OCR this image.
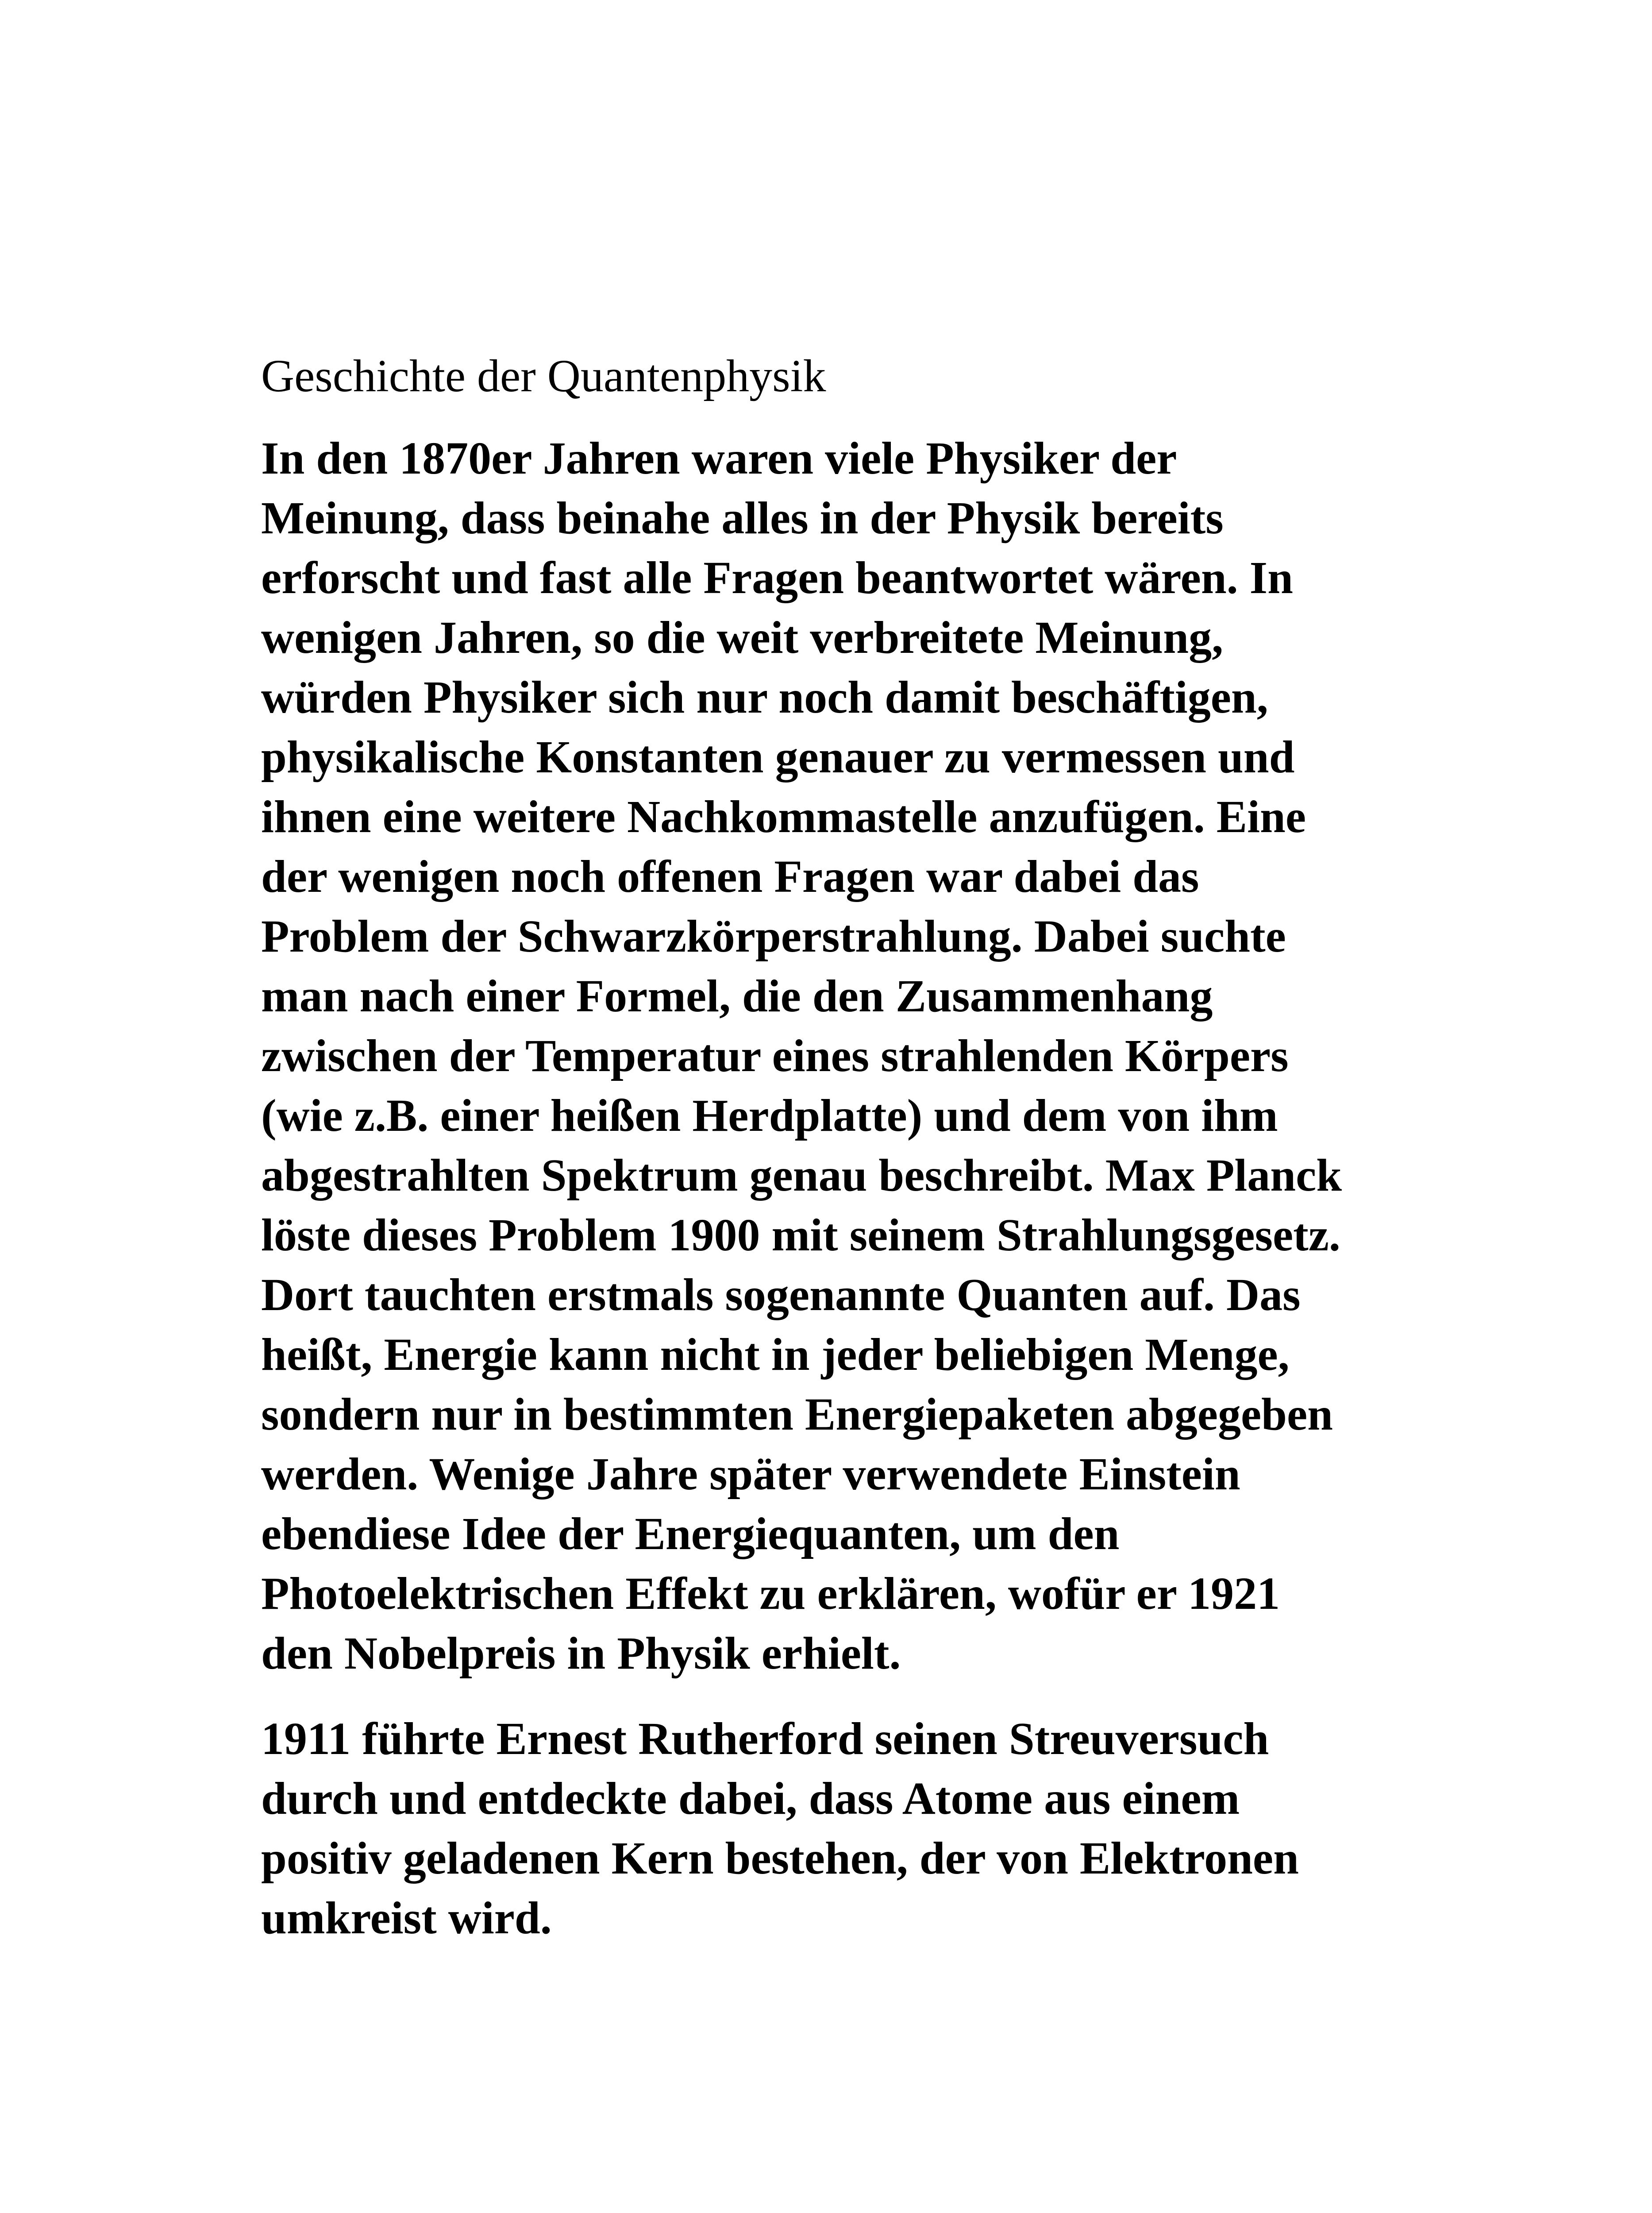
Geschichte der Quantenphysik

In den 1870er Jahren waren viele Physiker der
Meinung, dass beinahe alles in der Physik bereits
erforscht und fast alle Fragen beantwortet wären. In
wenigen Jahren, so die weit verbreitete Meinung,
würden Physiker sich nur noch damit beschäftigen,
physikalische Konstanten genauer zu vermessen und
ihnen eine weitere Nachkommastelle anzufügen. Eine
der wenigen noch offenen Fragen war dabei das
Problem der Schwarzkörperstrahlung. Dabei suchte
man nach einer Formel, die den Zusammenhang
zwischen der Temperatur eines strahlenden Körpers
(wie z.B. einer heißen Herdplatte) und dem von ihm
abgestrahlten Spektrum genau beschreibt. Max Planck
löste dieses Problem 1900 mit seinem Strahlungsgesetz.
Dort tauchten erstmals sogenannte Quanten auf. Das
heißt, Energie kann nicht in jeder beliebigen Menge,
sondern nur in bestimmten Energiepaketen abgegeben
werden. Wenige Jahre später verwendete Einstein
ebendiese Idee der Energiequanten, um den
Photoelektrischen Effekt zu erklären, wofür er 1921
den Nobelpreis in Physik erhielt.

1911 führte Ernest Rutherford seinen Streuversuch
durch und entdeckte dabei, dass Atome aus einem
positiv geladenen Kern bestehen, der von Elektronen
umkreist wird.
